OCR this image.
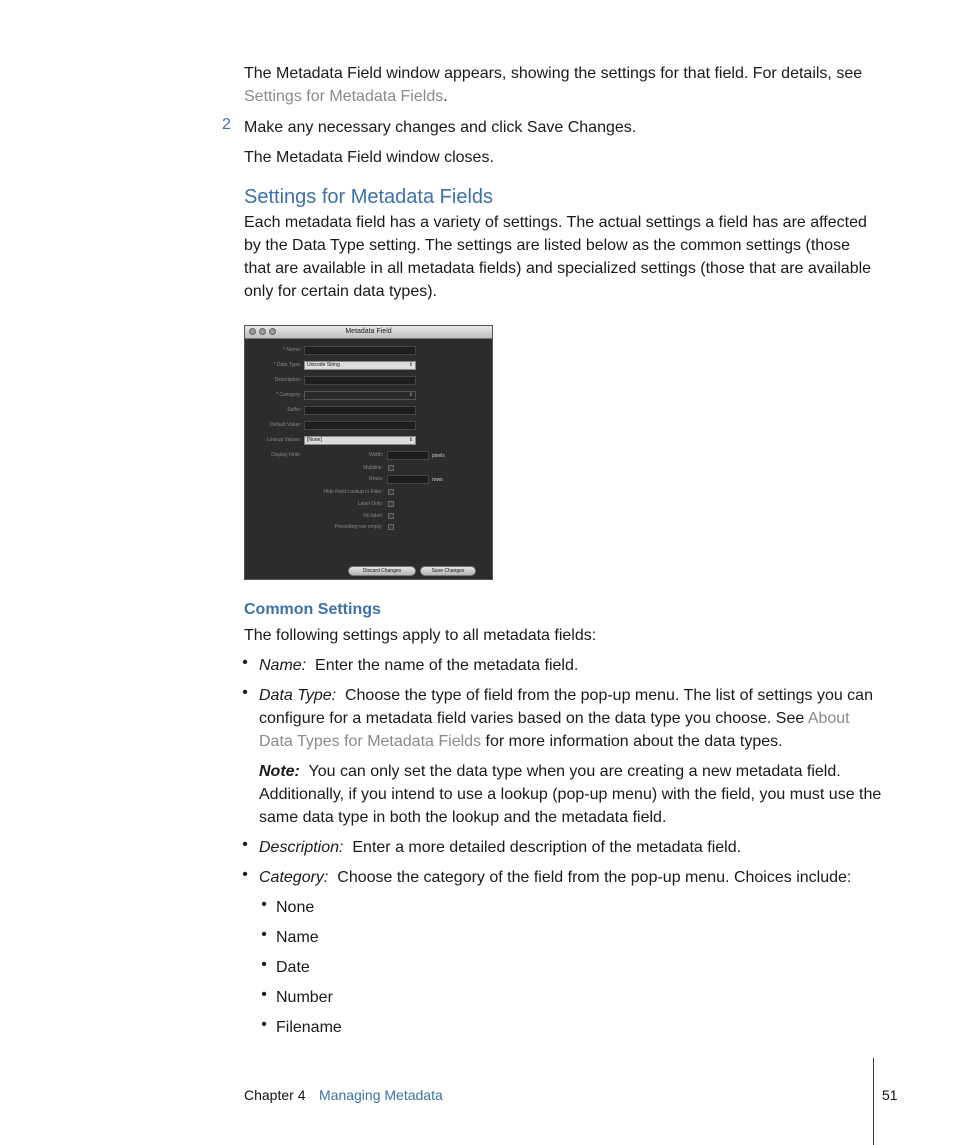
The Metadata Field window appears, showing the settings for that field. For details, see
Settings for Metadata Fields.

2 Make any necessary changes and click Save Changes.

The Metadata Field window closes.

Settings for Metadata Fields

Each metadata field has a variety of settings. The actual settings a field has are affected by the Data Type setting. The settings are listed below as the common settings (those that are available in all metadata fields) and specialized settings (those that are available only for certain data types).

Metadata Field
* Name:
* Data Type:	Unicode String	⇕
Description:
* Category:	⇕
Suffix:
Default Value:
Lookup Values:	[None]	⇕
Display hints:	Width:	pixels
Multiline:
Rows:	rows
Hide Field Lookup in Filter:
Label Only:
No label:
Preceding row empty:
Discard Changes	Save Changes
Common Settings

The following settings apply to all metadata fields:

• Name: Enter the name of the metadata field.

• Data Type: Choose the type of field from the pop-up menu. The list of settings you can configure for a metadata field varies based on the data type you choose. See About Data Types for Metadata Fields for more information about the data types.

Note: You can only set the data type when you are creating a new metadata field. Additionally, if you intend to use a lookup (pop-up menu) with the field, you must use the same data type in both the lookup and the metadata field.

• Description: Enter a more detailed description of the metadata field.

• Category: Choose the category of the field from the pop-up menu. Choices include:

• None
• Name
• Date
• Number
• Filename
Chapter 4 Managing Metadata	51
